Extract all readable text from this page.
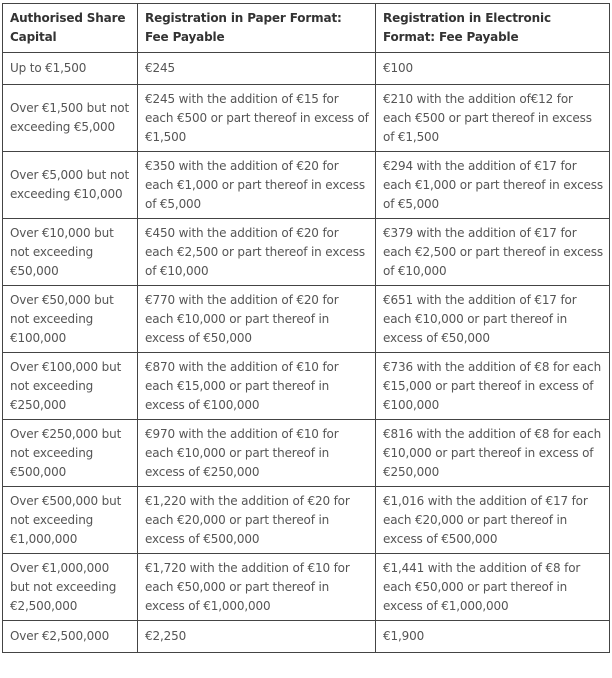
Authorised Share Capital	Registration in Paper Format: Fee Payable	Registration in Electronic Format: Fee Payable
Up to €1,500	€245	€100
Over €1,500 but not exceeding €5,000	€245 with the addition of €15 for each €500 or part thereof in excess of €1,500	€210 with the addition of€12 for each €500 or part thereof in excess of €1,500
Over €5,000 but not exceeding €10,000	€350 with the addition of €20 for each €1,000 or part thereof in excess of €5,000	€294 with the addition of €17 for each €1,000 or part thereof in excess of €5,000
Over €10,000 but not exceeding €50,000	€450 with the addition of €20 for each €2,500 or part thereof in excess of €10,000	€379 with the addition of €17 for each €2,500 or part thereof in excess of €10,000
Over €50,000 but not exceeding €100,000	€770 with the addition of €20 for each €10,000 or part thereof in excess of €50,000	€651 with the addition of €17 for each €10,000 or part thereof in excess of €50,000
Over €100,000 but not exceeding €250,000	€870 with the addition of €10 for each €15,000 or part thereof in excess of €100,000	€736 with the addition of €8 for each €15,000 or part thereof in excess of €100,000
Over €250,000 but not exceeding €500,000	€970 with the addition of €10 for each €10,000 or part thereof in excess of €250,000	€816 with the addition of €8 for each €10,000 or part thereof in excess of €250,000
Over €500,000 but not exceeding €1,000,000	€1,220 with the addition of €20 for each €20,000 or part thereof in excess of €500,000	€1,016 with the addition of €17 for each €20,000 or part thereof in excess of €500,000
Over €1,000,000 but not exceeding €2,500,000	€1,720 with the addition of €10 for each €50,000 or part thereof in excess of €1,000,000	€1,441 with the addition of €8 for each €50,000 or part thereof in excess of €1,000,000
Over €2,500,000	€2,250	€1,900
